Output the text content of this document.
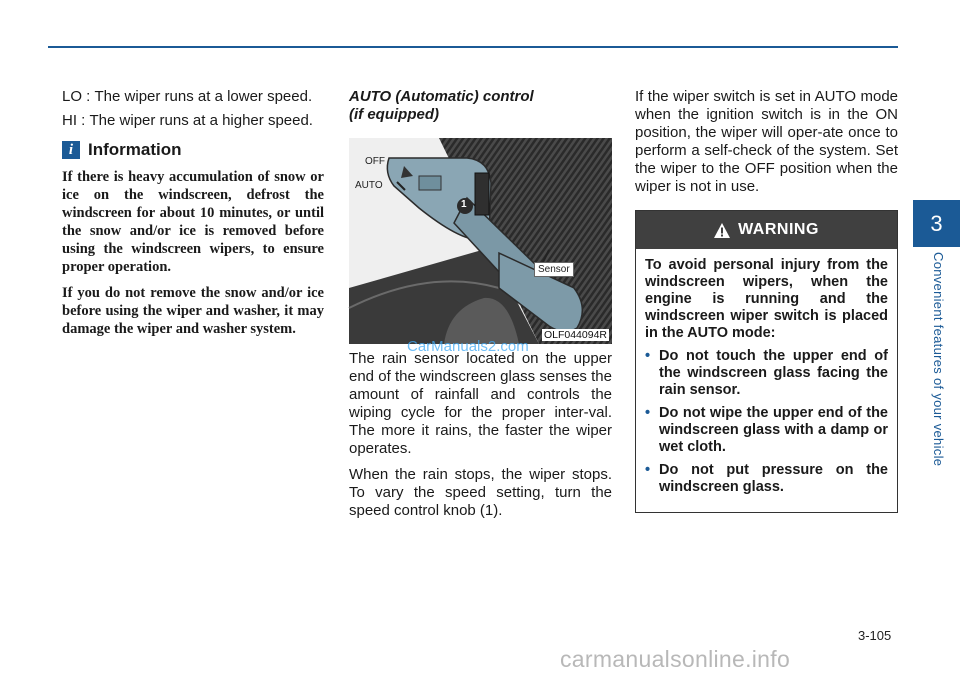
LO : The wiper runs at a lower speed.
HI : The wiper runs at a higher speed.
i Information

If there is heavy accumulation of snow or ice on the windscreen, defrost the windscreen for about 10 minutes, or until the snow and/or ice is removed before using the windscreen wipers, to ensure proper operation.

If you do not remove the snow and/or ice before using the wiper and washer, it may damage the wiper and washer system.

AUTO (Automatic) control
(if equipped)
OFF
AUTO
1
Sensor
OLF044094R
CarManuals2.com

The rain sensor located on the upper end of the windscreen glass senses the amount of rainfall and controls the wiping cycle for the proper inter-val. The more it rains, the faster the wiper operates.

When the rain stops, the wiper stops. To vary the speed setting, turn the speed control knob (1).

If the wiper switch is set in AUTO mode when the ignition switch is in the ON position, the wiper will oper-ate once to perform a self-check of the system. Set the wiper to the OFF position when the wiper is not in use.

WARNING

To avoid personal injury from the windscreen wipers, when the engine is running and the windscreen wiper switch is placed in the AUTO mode:

• Do not touch the upper end of the windscreen glass facing the rain sensor.
• Do not wipe the upper end of the windscreen glass with a damp or wet cloth.
• Do not put pressure on the windscreen glass.
3
Convenient features of your vehicle
3-105
carmanualsonline.info
